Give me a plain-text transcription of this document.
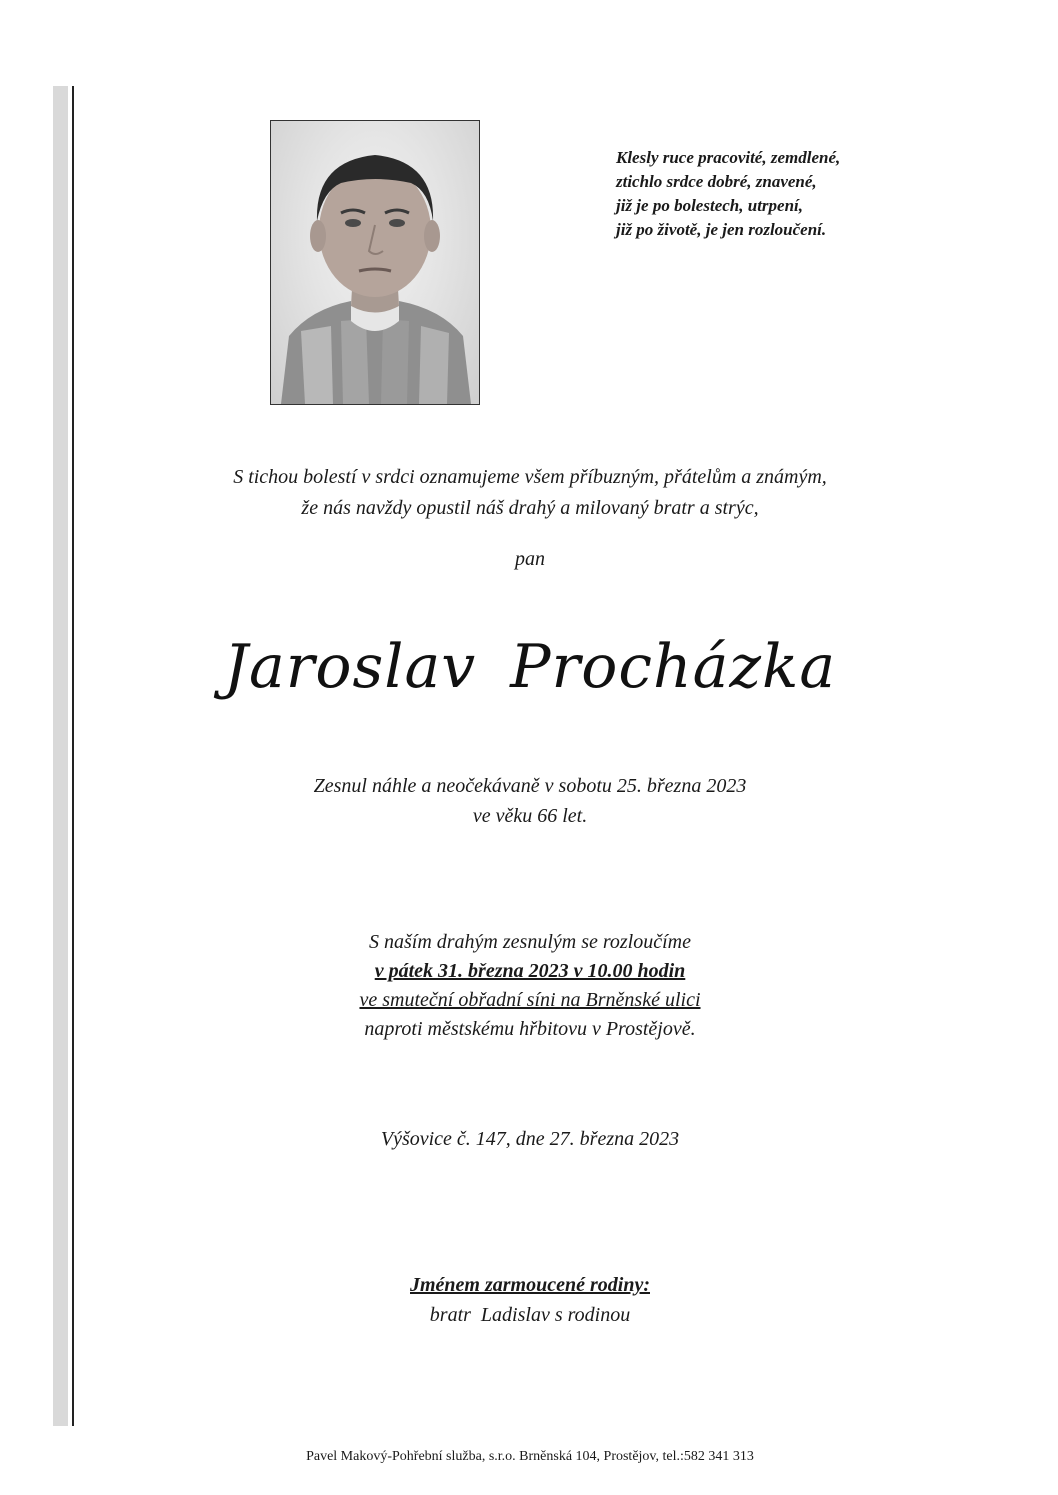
Klesly ruce pracovité, zemdlené,
ztichlo srdce dobré, znavené,
již je po bolestech, utrpení,
již po životě, je jen rozloučení.
S tichou bolestí v srdci oznamujeme všem příbuzným, přátelům a známým,
že nás navždy opustil náš drahý a milovaný bratr a strýc,
pan
Jaroslav Procházka
Zesnul náhle a neočekávaně v sobotu 25. března 2023
ve věku 66 let.
S naším drahým zesnulým se rozloučíme
v pátek 31. března 2023 v 10.00 hodin
ve smuteční obřadní síni na Brněnské ulici
naproti městskému hřbitovu v Prostějově.
Výšovice č. 147, dne 27. března 2023
Jménem zarmoucené rodiny:
bratr  Ladislav s rodinou
Pavel Makový-Pohřební služba, s.r.o. Brněnská 104, Prostějov, tel.:582 341 313
